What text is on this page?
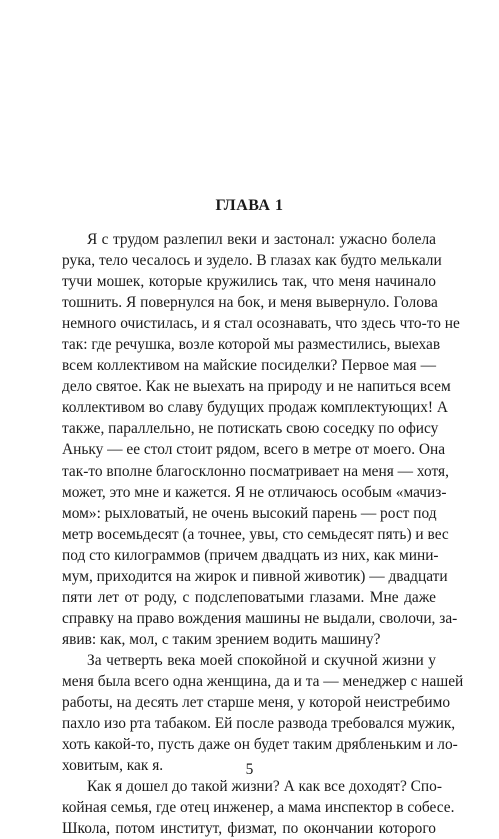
ГЛАВА 1
Я с трудом разлепил веки и застонал: ужасно болела
рука, тело чесалось и зудело. В глазах как будто мелькали
тучи мошек, которые кружились так, что меня начинало
тошнить. Я повернулся на бок, и меня вывернуло. Голова
немного очистилась, и я стал осознавать, что здесь что-то не
так: где речушка, возле которой мы разместились, выехав
всем коллективом на майские посиделки? Первое мая —
дело святое. Как не выехать на природу и не напиться всем
коллективом во славу будущих продаж комплектующих! А
также, параллельно, не потискать свою соседку по офису
Аньку — ее стол стоит рядом, всего в метре от моего. Она
так-то вполне благосклонно посматривает на меня — хотя,
может, это мне и кажется. Я не отличаюсь особым «мачиз-
мом»: рыхловатый, не очень высокий парень — рост под
метр восемьдесят (а точнее, увы, сто семьдесят пять) и вес
под сто килограммов (причем двадцать из них, как мини-
мум, приходится на жирок и пивной животик) — двадцати
пяти лет от роду, с подслеповатыми глазами. Мне даже
справку на право вождения машины не выдали, сволочи, за-
явив: как, мол, с таким зрением водить машину?
За четверть века моей спокойной и скучной жизни у
меня была всего одна женщина, да и та — менеджер с нашей
работы, на десять лет старше меня, у которой неистребимо
пахло изо рта табаком. Ей после развода требовался мужик,
хоть какой-то, пусть даже он будет таким дрябленьким и ло-
ховитым, как я.
Как я дошел до такой жизни? А как все доходят? Спо-
койная семья, где отец инженер, а мама инспектор в собесе.
Школа, потом институт, физмат, по окончании которого
5
